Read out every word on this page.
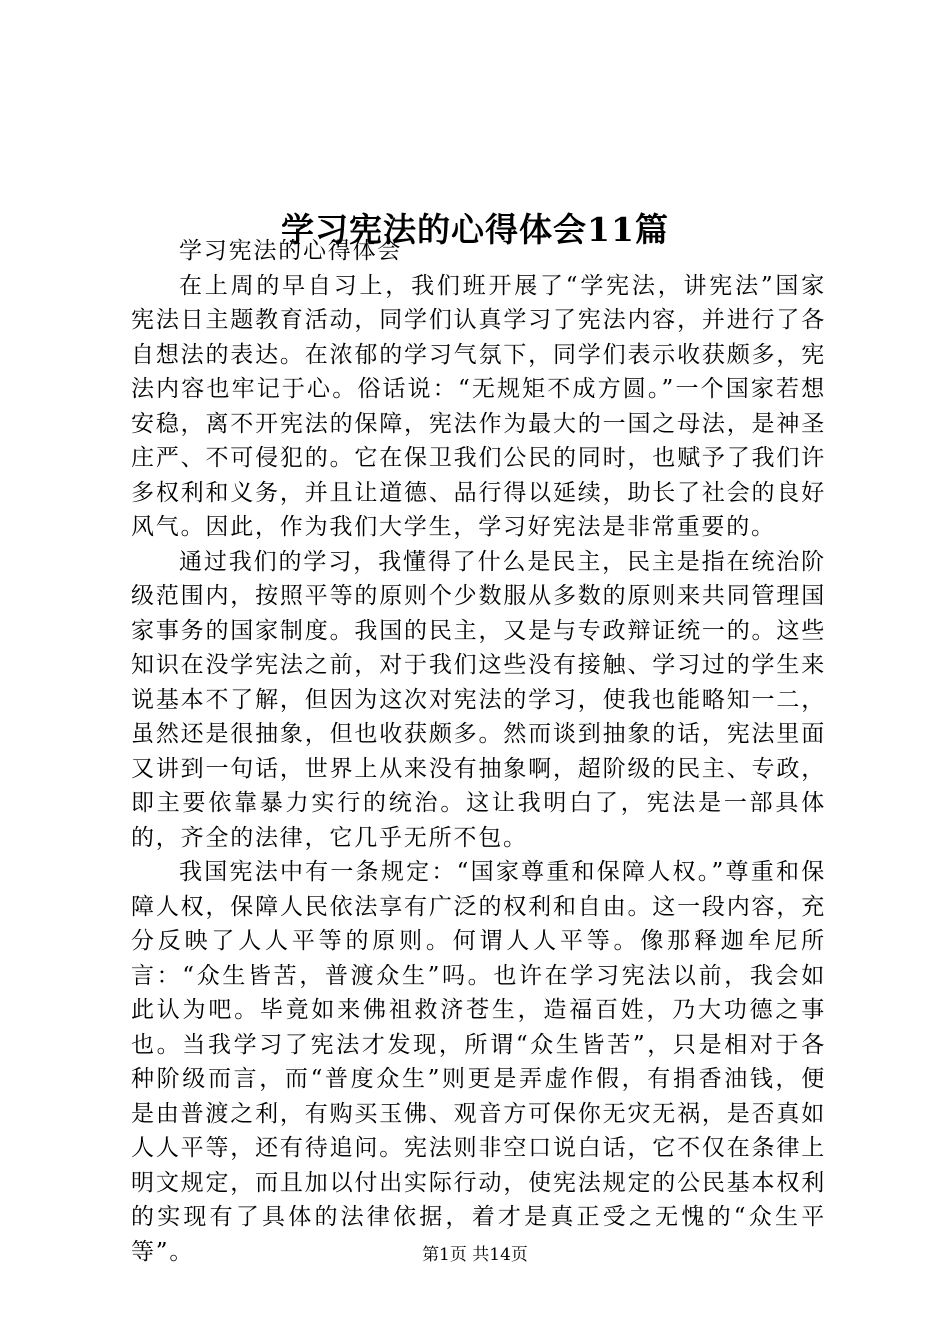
学习宪法的心得体会11篇

学习宪法的心得体会

在上周的早自习上，我们班开展了“学宪法，讲宪法”国家宪法日主题教育活动，同学们认真学习了宪法内容，并进行了各自想法的表达。在浓郁的学习气氛下，同学们表示收获颇多，宪法内容也牢记于心。俗话说：“无规矩不成方圆。”一个国家若想安稳，离不开宪法的保障，宪法作为最大的一国之母法，是神圣庄严、不可侵犯的。它在保卫我们公民的同时，也赋予了我们许多权利和义务，并且让道德、品行得以延续，助长了社会的良好风气。因此，作为我们大学生，学习好宪法是非常重要的。

通过我们的学习，我懂得了什么是民主，民主是指在统治阶级范围内，按照平等的原则个少数服从多数的原则来共同管理国家事务的国家制度。我国的民主，又是与专政辩证统一的。这些知识在没学宪法之前，对于我们这些没有接触、学习过的学生来说基本不了解，但因为这次对宪法的学习，使我也能略知一二，虽然还是很抽象，但也收获颇多。然而谈到抽象的话，宪法里面又讲到一句话，世界上从来没有抽象啊，超阶级的民主、专政，即主要依靠暴力实行的统治。这让我明白了，宪法是一部具体的，齐全的法律，它几乎无所不包。

我国宪法中有一条规定：“国家尊重和保障人权。”尊重和保障人权，保障人民依法享有广泛的权利和自由。这一段内容，充分反映了人人平等的原则。何谓人人平等。像那释迦牟尼所言：“众生皆苦，普渡众生”吗。也许在学习宪法以前，我会如此认为吧。毕竟如来佛祖救济苍生，造福百姓，乃大功德之事也。当我学习了宪法才发现，所谓“众生皆苦”，只是相对于各种阶级而言，而“普度众生”则更是弄虚作假，有捐香油钱，便是由普渡之利，有购买玉佛、观音方可保你无灾无祸，是否真如人人平等，还有待追问。宪法则非空口说白话，它不仅在条律上明文规定，而且加以付出实际行动，使宪法规定的公民基本权利的实现有了具体的法律依据，着才是真正受之无愧的“众生平等”。	第1页 共14页
